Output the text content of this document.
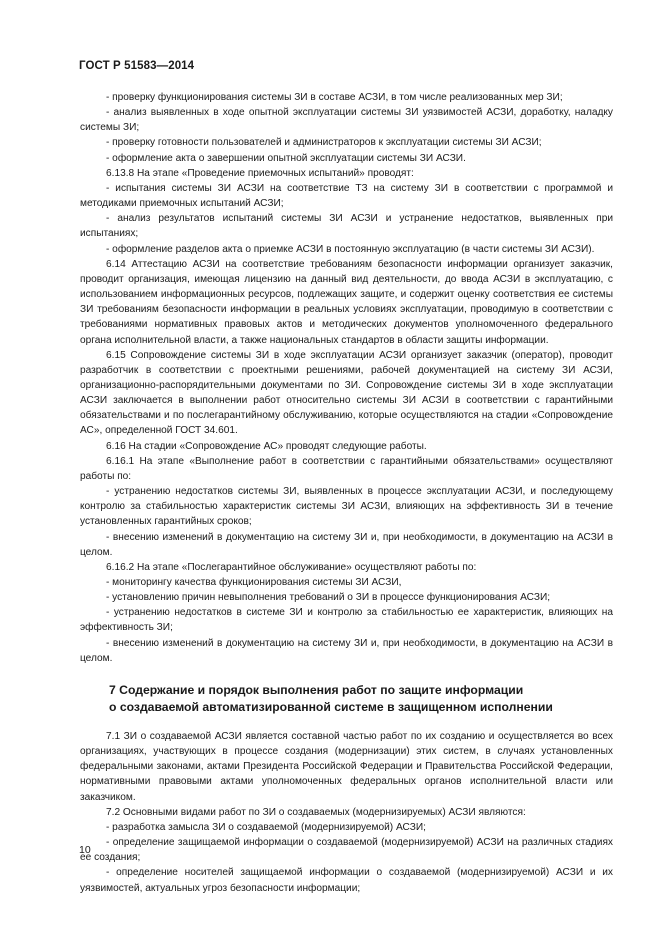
ГОСТ Р 51583—2014

- проверку функционирования системы ЗИ в составе АСЗИ, в том числе реализованных мер ЗИ;

- анализ выявленных в ходе опытной эксплуатации системы ЗИ уязвимостей АСЗИ, доработку, наладку системы ЗИ;

- проверку готовности пользователей и администраторов к эксплуатации системы ЗИ АСЗИ;

- оформление акта о завершении опытной эксплуатации системы ЗИ АСЗИ.

6.13.8 На этапе «Проведение приемочных испытаний» проводят:

- испытания системы ЗИ АСЗИ на соответствие ТЗ на систему ЗИ в соответствии с программой и методиками приемочных испытаний АСЗИ;

- анализ результатов испытаний системы ЗИ АСЗИ и устранение недостатков, выявленных при испытаниях;

- оформление разделов акта о приемке АСЗИ в постоянную эксплуатацию (в части системы ЗИ АСЗИ).

6.14 Аттестацию АСЗИ на соответствие требованиям безопасности информации организует заказчик, проводит организация, имеющая лицензию на данный вид деятельности, до ввода АСЗИ в эксплуатацию, с использованием информационных ресурсов, подлежащих защите, и содержит оценку соответствия ее системы ЗИ требованиям безопасности информации в реальных условиях эксплуатации, проводимую в соответствии с требованиями нормативных правовых актов и методических документов уполномоченного федерального органа исполнительной власти, а также национальных стандартов в области защиты информации.

6.15 Сопровождение системы ЗИ в ходе эксплуатации АСЗИ организует заказчик (оператор), проводит разработчик в соответствии с проектными решениями, рабочей документацией на систему ЗИ АСЗИ, организационно-распорядительными документами по ЗИ. Сопровождение системы ЗИ в ходе эксплуатации АСЗИ заключается в выполнении работ относительно системы ЗИ АСЗИ в соответствии с гарантийными обязательствами и по послегарантийному обслуживанию, которые осуществляются на стадии «Сопровождение АС», определенной ГОСТ 34.601.

6.16 На стадии «Сопровождение АС» проводят следующие работы.

6.16.1 На этапе «Выполнение работ в соответствии с гарантийными обязательствами» осуществляют работы по:

- устранению недостатков системы ЗИ, выявленных в процессе эксплуатации АСЗИ, и последующему контролю за стабильностью характеристик системы ЗИ АСЗИ, влияющих на эффективность ЗИ в течение установленных гарантийных сроков;

- внесению изменений в документацию на систему ЗИ и, при необходимости, в документацию на АСЗИ в целом.

6.16.2 На этапе «Послегарантийное обслуживание» осуществляют работы по:

- мониторингу качества функционирования системы ЗИ АСЗИ,

- установлению причин невыполнения требований о ЗИ в процессе функционирования АСЗИ;

- устранению недостатков в системе ЗИ и контролю за стабильностью ее характеристик, влияющих на эффективность ЗИ;

- внесению изменений в документацию на систему ЗИ и, при необходимости, в документацию на АСЗИ в целом.

7 Содержание и порядок выполнения работ по защите информации
о создаваемой автоматизированной системе в защищенном исполнении

7.1 ЗИ о создаваемой АСЗИ является составной частью работ по их созданию и осуществляется во всех организациях, участвующих в процессе создания (модернизации) этих систем, в случаях установленных федеральными законами, актами Президента Российской Федерации и Правительства Российской Федерации, нормативными правовыми актами уполномоченных федеральных органов исполнительной власти или заказчиком.

7.2 Основными видами работ по ЗИ о создаваемых (модернизируемых) АСЗИ являются:

- разработка замысла ЗИ о создаваемой (модернизируемой) АСЗИ;

- определение защищаемой информации о создаваемой (модернизируемой) АСЗИ на различных стадиях ее создания;

- определение носителей защищаемой информации о создаваемой (модернизируемой) АСЗИ и их уязвимостей, актуальных угроз безопасности информации;

10
